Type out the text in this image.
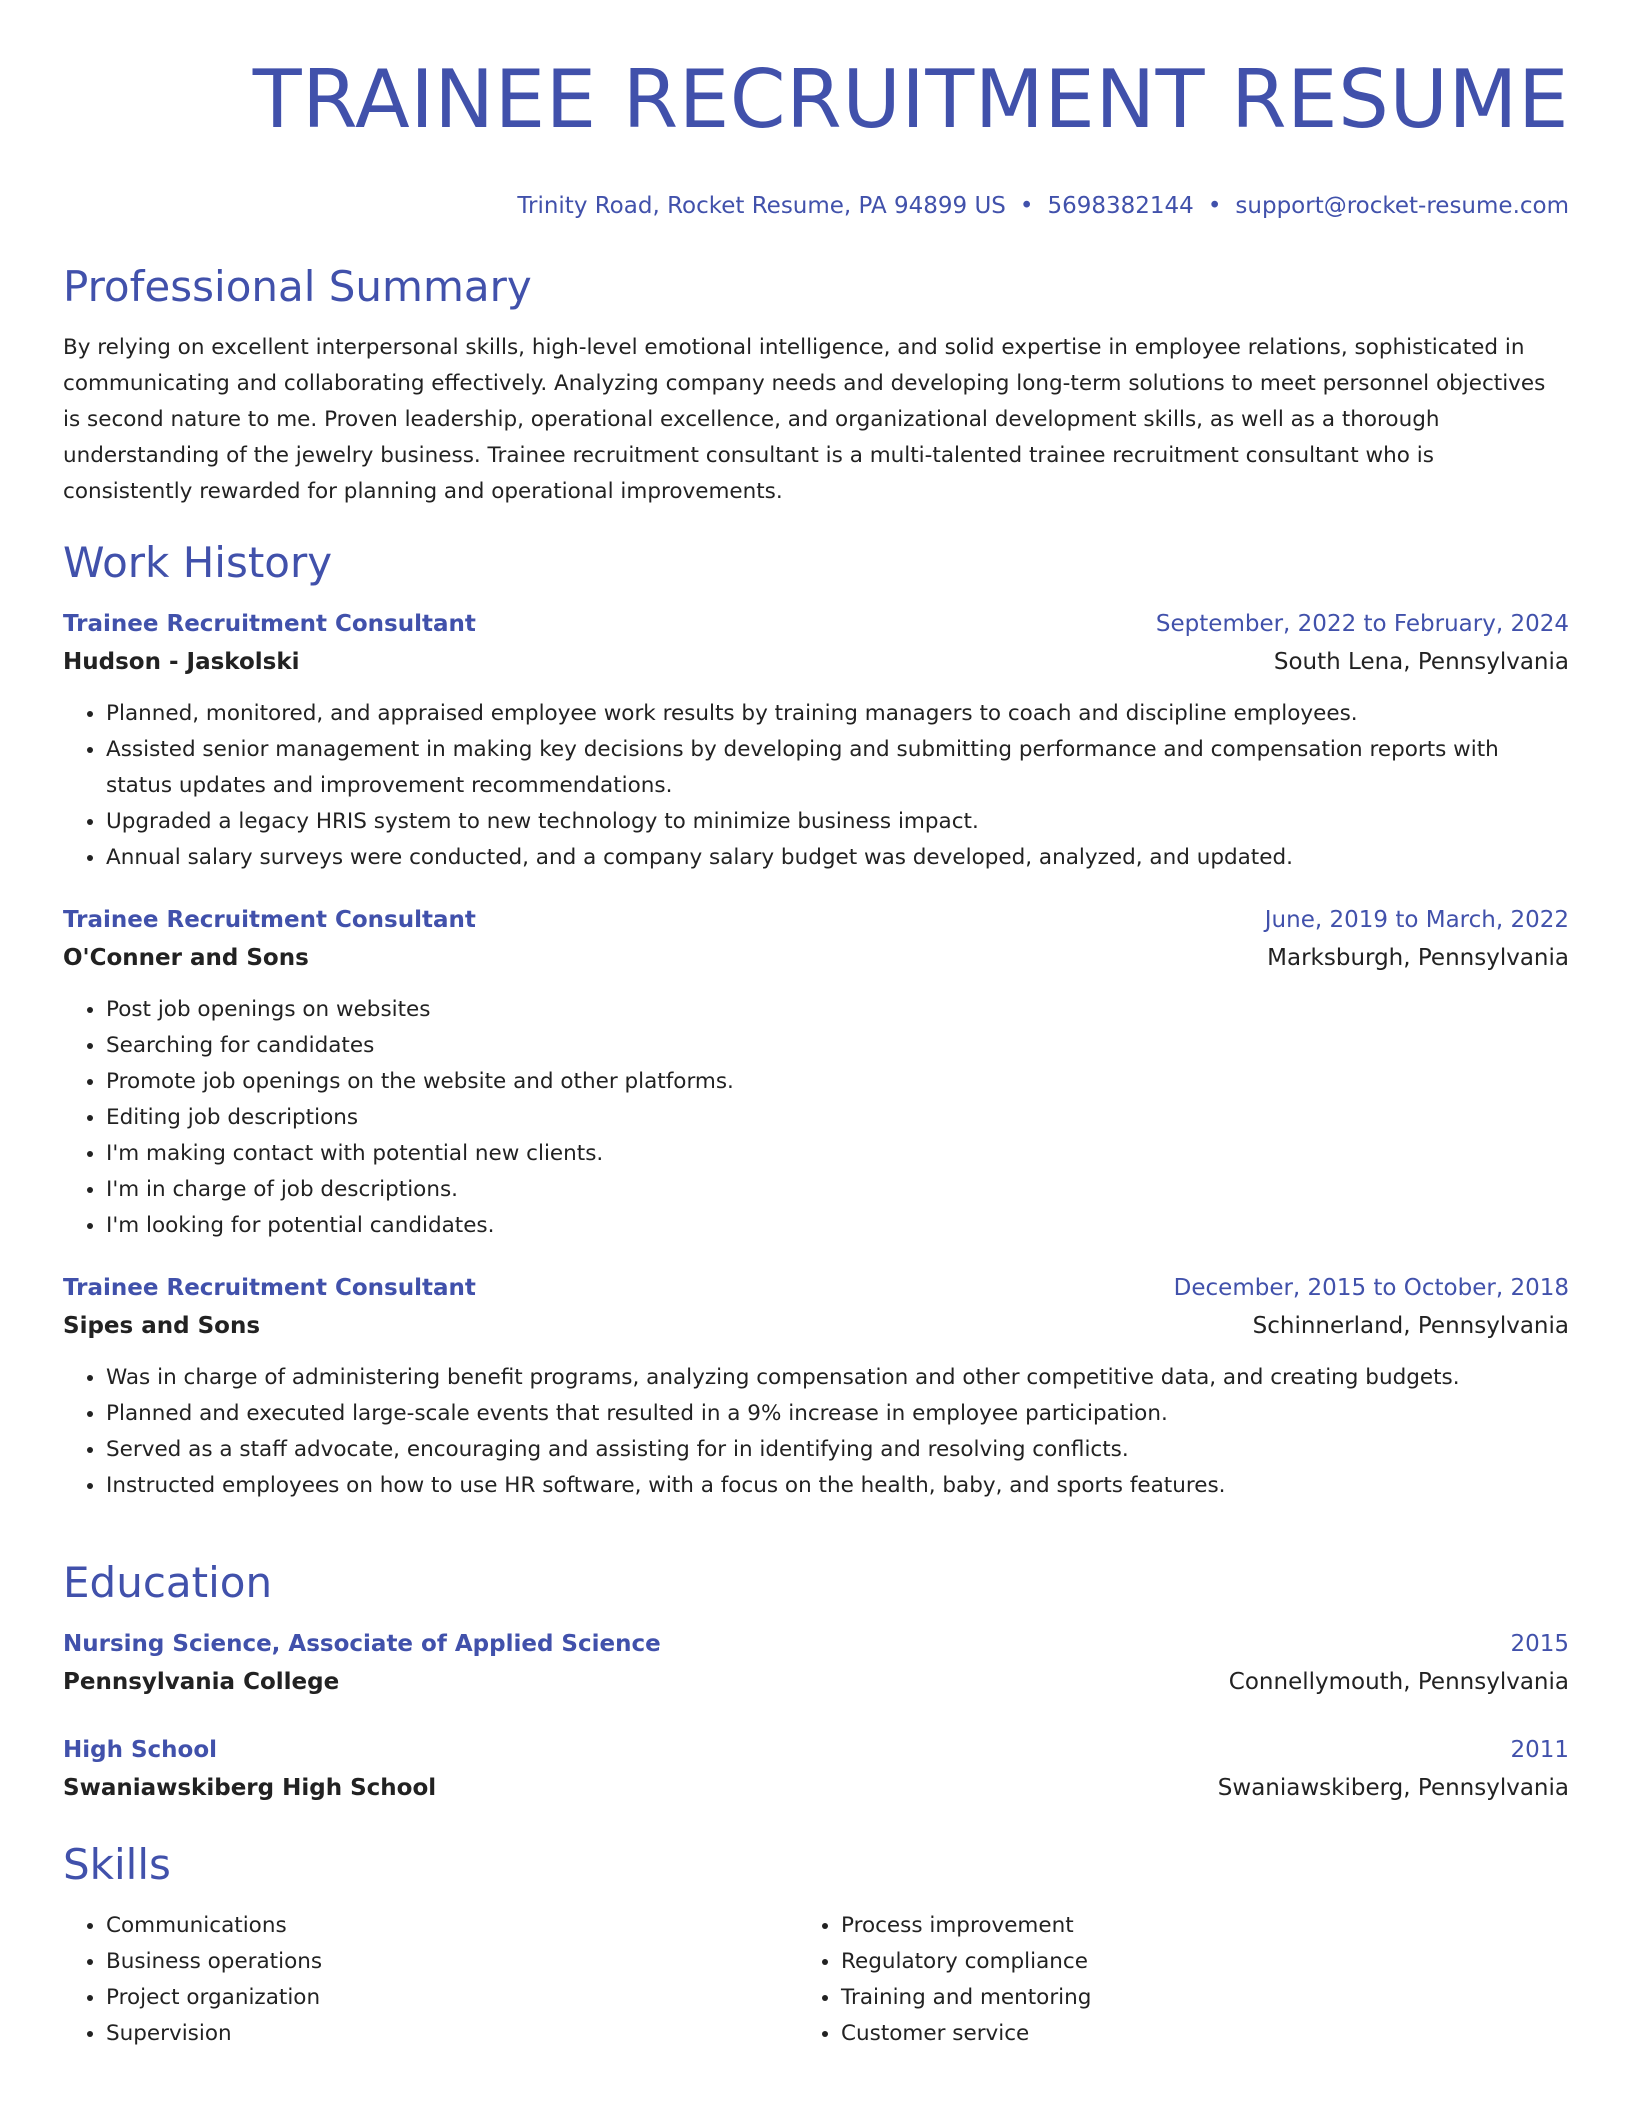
TRAINEE RECRUITMENT RESUME
Trinity Road, Rocket Resume, PA 94899 US • 5698382144 • support@rocket-resume.com
Professional Summary
By relying on excellent interpersonal skills, high-level emotional intelligence, and solid expertise in employee relations, sophisticated in communicating and collaborating effectively. Analyzing company needs and developing long-term solutions to meet personnel objectives is second nature to me. Proven leadership, operational excellence, and organizational development skills, as well as a thorough understanding of the jewelry business. Trainee recruitment consultant is a multi-talented trainee recruitment consultant who is consistently rewarded for planning and operational improvements.
Work History
Trainee Recruitment Consultant	September, 2022 to February, 2024
Hudson - Jaskolski	South Lena, Pennsylvania
• Planned, monitored, and appraised employee work results by training managers to coach and discipline employees.
• Assisted senior management in making key decisions by developing and submitting performance and compensation reports with status updates and improvement recommendations.
• Upgraded a legacy HRIS system to new technology to minimize business impact.
• Annual salary surveys were conducted, and a company salary budget was developed, analyzed, and updated.
Trainee Recruitment Consultant	June, 2019 to March, 2022
O'Conner and Sons	Marksburgh, Pennsylvania
• Post job openings on websites
• Searching for candidates
• Promote job openings on the website and other platforms.
• Editing job descriptions
• I'm making contact with potential new clients.
• I'm in charge of job descriptions.
• I'm looking for potential candidates.
Trainee Recruitment Consultant	December, 2015 to October, 2018
Sipes and Sons	Schinnerland, Pennsylvania
• Was in charge of administering benefit programs, analyzing compensation and other competitive data, and creating budgets.
• Planned and executed large-scale events that resulted in a 9% increase in employee participation.
• Served as a staff advocate, encouraging and assisting for in identifying and resolving conflicts.
• Instructed employees on how to use HR software, with a focus on the health, baby, and sports features.
Education
Nursing Science, Associate of Applied Science	2015
Pennsylvania College	Connellymouth, Pennsylvania
High School	2011
Swaniawskiberg High School	Swaniawskiberg, Pennsylvania
Skills
• Communications
• Business operations
• Project organization
• Supervision
• Process improvement
• Regulatory compliance
• Training and mentoring
• Customer service
